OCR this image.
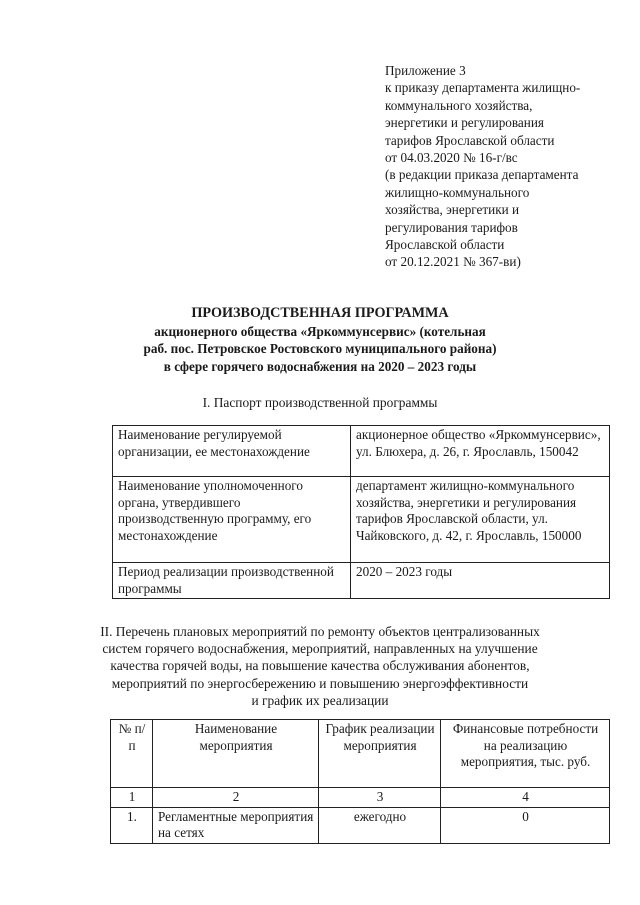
Приложение 3
к приказу департамента жилищно-
коммунального хозяйства,
энергетики и регулирования
тарифов Ярославской области
от 04.03.2020 № 16-г/вс
(в редакции приказа департамента
жилищно-коммунального
хозяйства, энергетики и
регулирования тарифов
Ярославской области
от 20.12.2021 № 367-ви)
ПРОИЗВОДСТВЕННАЯ ПРОГРАММА
акционерного общества «Яркоммунсервис» (котельная
раб. пос. Петровское Ростовского муниципального района)
в сфере горячего водоснабжения на 2020 – 2023 годы
I. Паспорт производственной программы
Наименование регулируемой организации, ее местонахождение	акционерное общество «Яркоммунсервис», ул. Блюхера, д. 26, г. Ярославль, 150042
Наименование уполномоченного органа, утвердившего производственную программу, его местонахождение	департамент жилищно-коммунального хозяйства, энергетики и регулирования тарифов Ярославской области, ул. Чайковского, д. 42, г. Ярославль, 150000
Период реализации производственной программы	2020 – 2023 годы
II. Перечень плановых мероприятий по ремонту объектов централизованных
систем горячего водоснабжения, мероприятий, направленных на улучшение
качества горячей воды, на повышение качества обслуживания абонентов,
мероприятий по энергосбережению и повышению энергоэффективности
и график их реализации
№ п/п	Наименование мероприятия	График реализации мероприятия	Финансовые потребности на реализацию мероприятия, тыс. руб.
1	2	3	4
1.	Регламентные мероприятия на сетях	ежегодно	0
